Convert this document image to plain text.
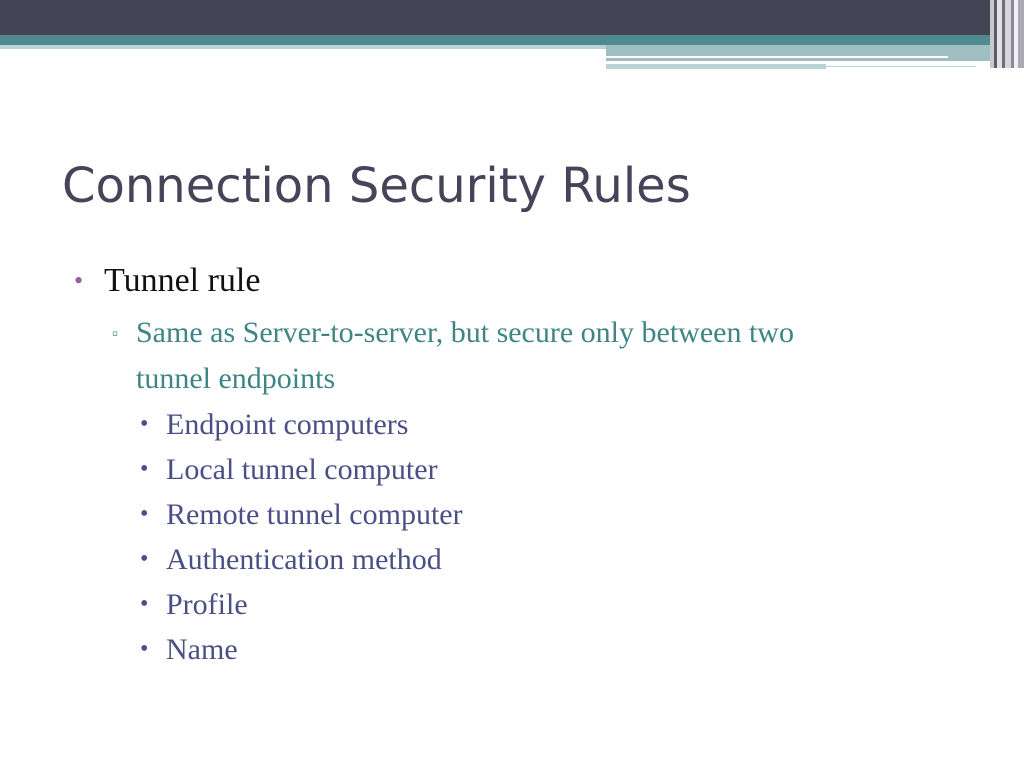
Connection Security Rules
• Tunnel rule
▫ Same as Server-to-server, but secure only between two tunnel endpoints
• Endpoint computers
• Local tunnel computer
• Remote tunnel computer
• Authentication method
• Profile
• Name
